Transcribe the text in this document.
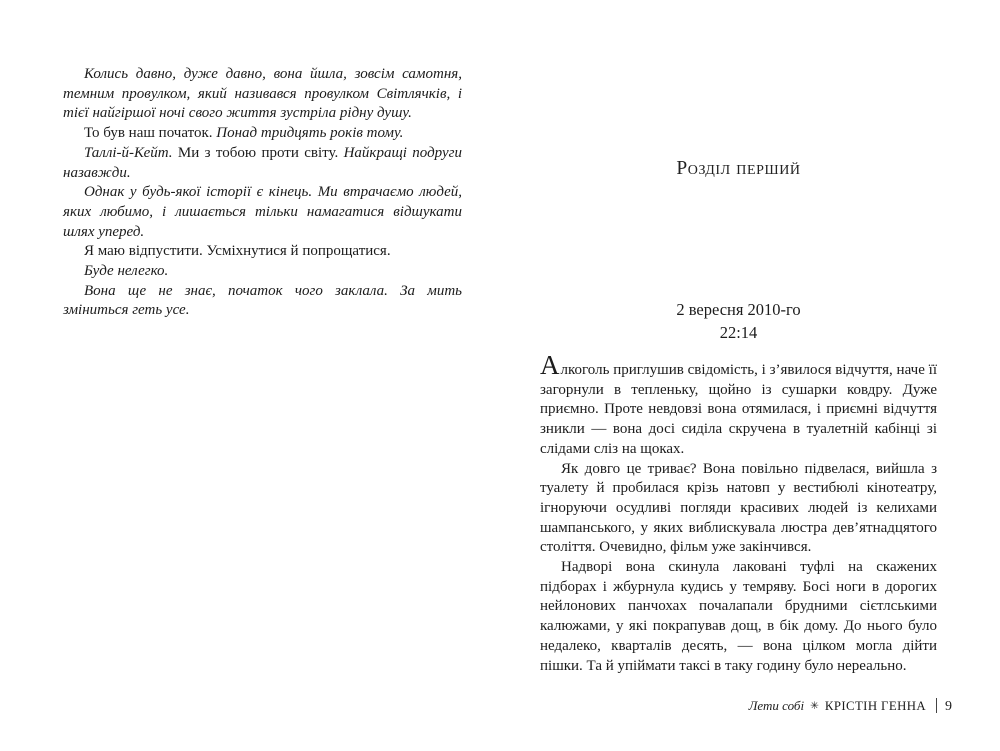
Колись давно, дуже давно, вона йшла, зовсім самотня, темним провулком, який називався провулком Світлячків, і тієї найгіршої ночі свого життя зустріла рідну душу.

То був наш початок. Понад тридцять років тому.

Таллі-й-Кейт. Ми з тобою проти світу. Найкращі подруги назавжди.

Однак у будь-якої історії є кінець. Ми втрачаємо людей, яких любимо, і лишається тільки намагатися відшукати шлях уперед.

Я маю відпустити. Усміхнутися й попрощатися.

Буде нелегко.

Вона ще не знає, початок чого заклала. За мить зміниться геть усе.

Розділ перший
2 вересня 2010-го
22:14

Алкоголь приглушив свідомість, і з’явилося відчуття, наче її загорнули в тепленьку, щойно із сушарки ковдру. Дуже приємно. Проте невдовзі вона отямилася, і приємні відчуття зникли — вона досі сиділа скручена в туалетній кабінці зі слідами сліз на щоках.

Як довго це триває? Вона повільно підвелася, вийшла з туалету й пробилася крізь натовп у вестибюлі кінотеатру, ігноруючи осудливі погляди красивих людей із келихами шампанського, у яких виблискувала люстра дев’ятнадцятого століття. Очевидно, фільм уже закінчився.

Надворі вона скинула лаковані туфлі на скажених підборах і жбурнула кудись у темряву. Босі ноги в дорогих нейлонових панчохах почалапали брудними сієтлськими калюжами, у які покрапував дощ, в бік дому. До нього було недалеко, кварталів десять, — вона цілком могла дійти пішки. Та й упіймати таксі в таку годину було нереально.

Лети собі ✳ КРІСТІН ГЕННА 9
